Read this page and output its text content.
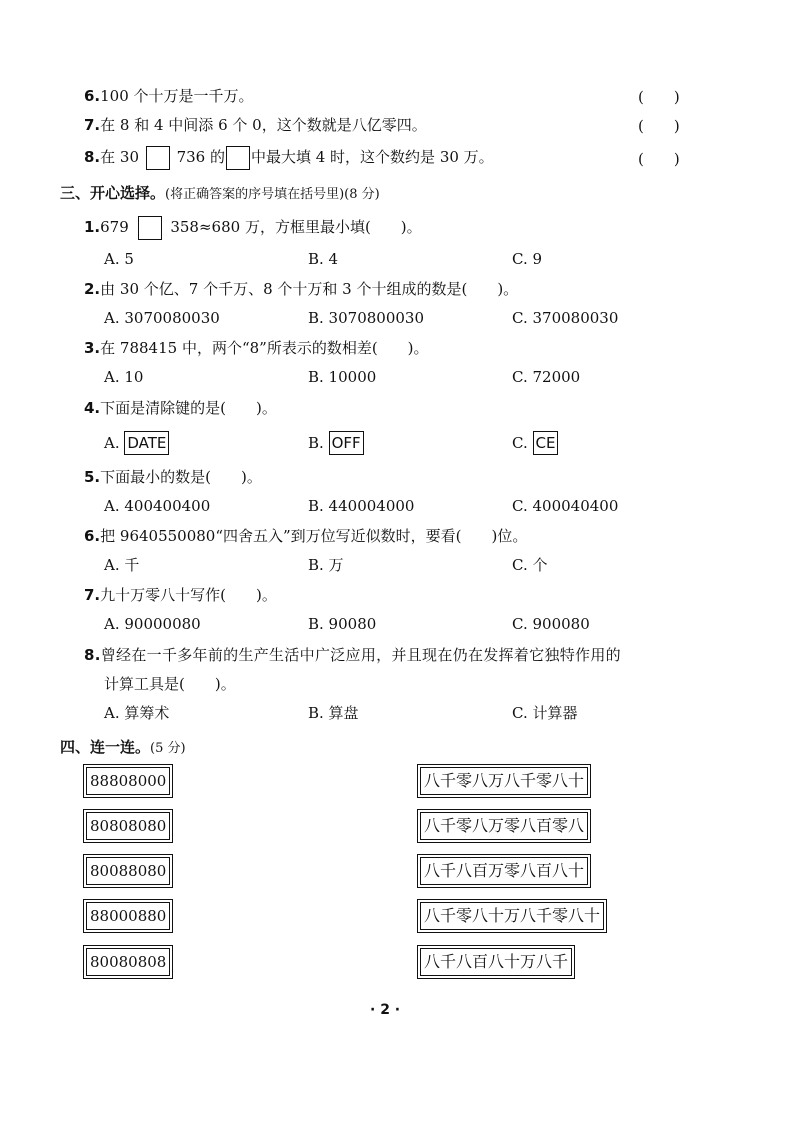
6.100 个十万是一千万。	(　　)
7.在 8 和 4 中间添 6 个 0，这个数就是八亿零四。	(　　)
8.在 30	736 的 中最大填 4 时，这个数约是 30 万。	(　　)
三、开心选择。(将正确答案的序号填在括号里)(8 分)
1.679	358≈680 万，方框里最小填(　　)。
A. 5	B. 4	C. 9
2.由 30 个亿、7 个千万、8 个十万和 3 个十组成的数是(　　)。
A. 3070080030	B. 3070800030	C. 370080030
3.在 788415 中，两个“8”所表示的数相差(　　)。
A. 10	B. 10000	C. 72000
4.下面是清除键的是(　　)。
A. DATE	B. OFF	C. CE
5.下面最小的数是(　　)。
A. 400400400	B. 440004000	C. 400040400
6.把 9640550080“四舍五入”到万位写近似数时，要看(　　)位。
A. 千	B. 万	C. 个
7.九十万零八十写作(　　)。
A. 90000080	B. 90080	C. 900080
8.曾经在一千多年前的生产生活中广泛应用，并且现在仍在发挥着它独特作用的
计算工具是(　　)。
A. 算筹术	B. 算盘	C. 计算器
四、连一连。(5 分)
88808000
80808080
80088080
88000880
80080808
八千零八万八千零八十
八千零八万零八百零八
八千八百万零八百八十
八千零八十万八千零八十
八千八百八十万八千
· 2 ·
